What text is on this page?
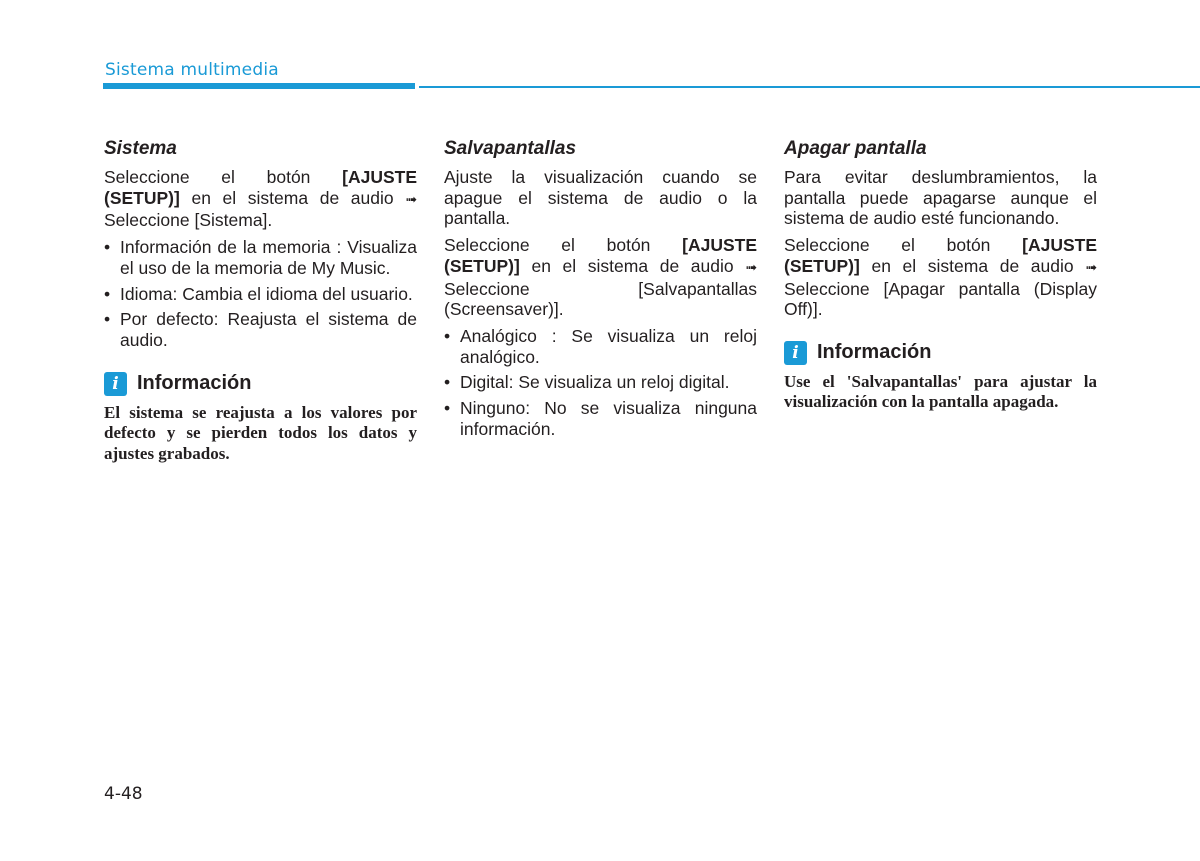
Sistema multimedia
Sistema

Seleccione el botón [AJUSTE (SETUP)] en el sistema de audio ➟ Seleccione [Sistema].

• Información de la memoria : Visualiza el uso de la memoria de My Music.
• Idioma: Cambia el idioma del usuario.
• Por defecto: Reajusta el sistema de audio.
i Información

El sistema se reajusta a los valores por defecto y se pierden todos los datos y ajustes grabados.

Salvapantallas

Ajuste la visualización cuando se apague el sistema de audio o la pantalla.

Seleccione el botón [AJUSTE (SETUP)] en el sistema de audio ➟ Seleccione [Salvapantallas (Screensaver)].

• Analógico : Se visualiza un reloj analógico.
• Digital: Se visualiza un reloj digital.
• Ninguno: No se visualiza ninguna información.
Apagar pantalla

Para evitar deslumbramientos, la pantalla puede apagarse aunque el sistema de audio esté funcionando.

Seleccione el botón [AJUSTE (SETUP)] en el sistema de audio ➟ Seleccione [Apagar pantalla (Display Off)].

i Información

Use el 'Salvapantallas' para ajustar la visualización con la pantalla apagada.

4-48
